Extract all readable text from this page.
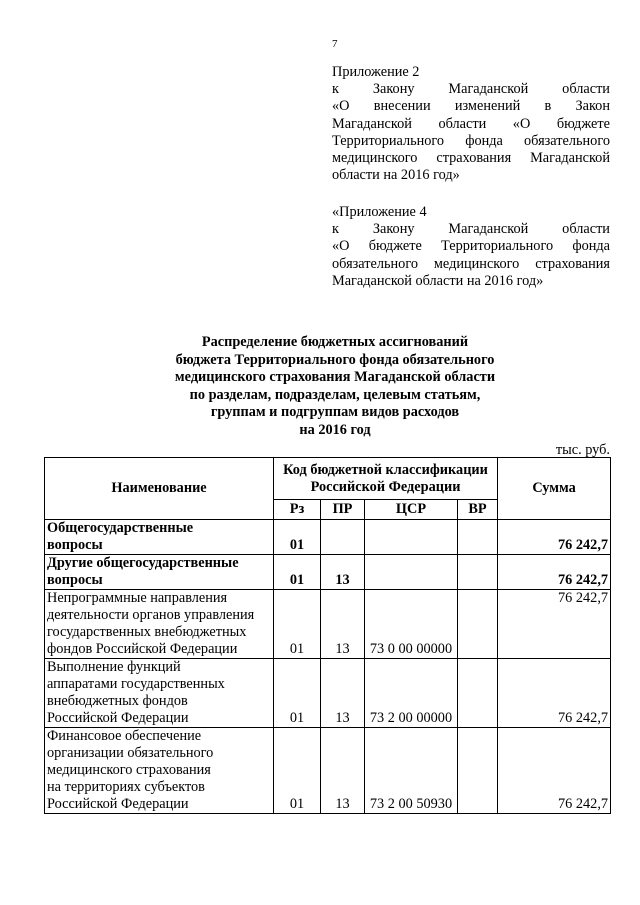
7
Приложение 2
к Закону Магаданской области
«О внесении изменений в Закон
Магаданской области «О бюджете
Территориального фонда обязательного
медицинского страхования Магаданской
области на 2016 год»
«Приложение 4
к Закону Магаданской области
«О бюджете Территориального фонда
обязательного медицинского страхования
Магаданской области на 2016 год»
Распределение бюджетных ассигнований
бюджета Территориального фонда обязательного
медицинского страхования Магаданской области
по разделам, подразделам, целевым статьям,
группам и подгруппам видов расходов
на 2016 год
тыс. руб.
Наименование	Код бюджетной классификации Российской Федерации				Сумма
	Рз	ПР	ЦСР	ВР	

Общегосударственные
вопросы	01				76 242,7

Другие общегосударственные
вопросы	01	13			76 242,7

Непрограммные направления
деятельности органов управления
государственных внебюджетных
фондов Российской Федерации	01	13	73 0 00 00000		76 242,7

Выполнение функций
аппаратами государственных
внебюджетных фондов
Российской Федерации	01	13	73 2 00 00000		76 242,7

Финансовое обеспечение
организации обязательного
медицинского страхования
на территориях субъектов
Российской Федерации	01	13	73 2 00 50930		76 242,7
